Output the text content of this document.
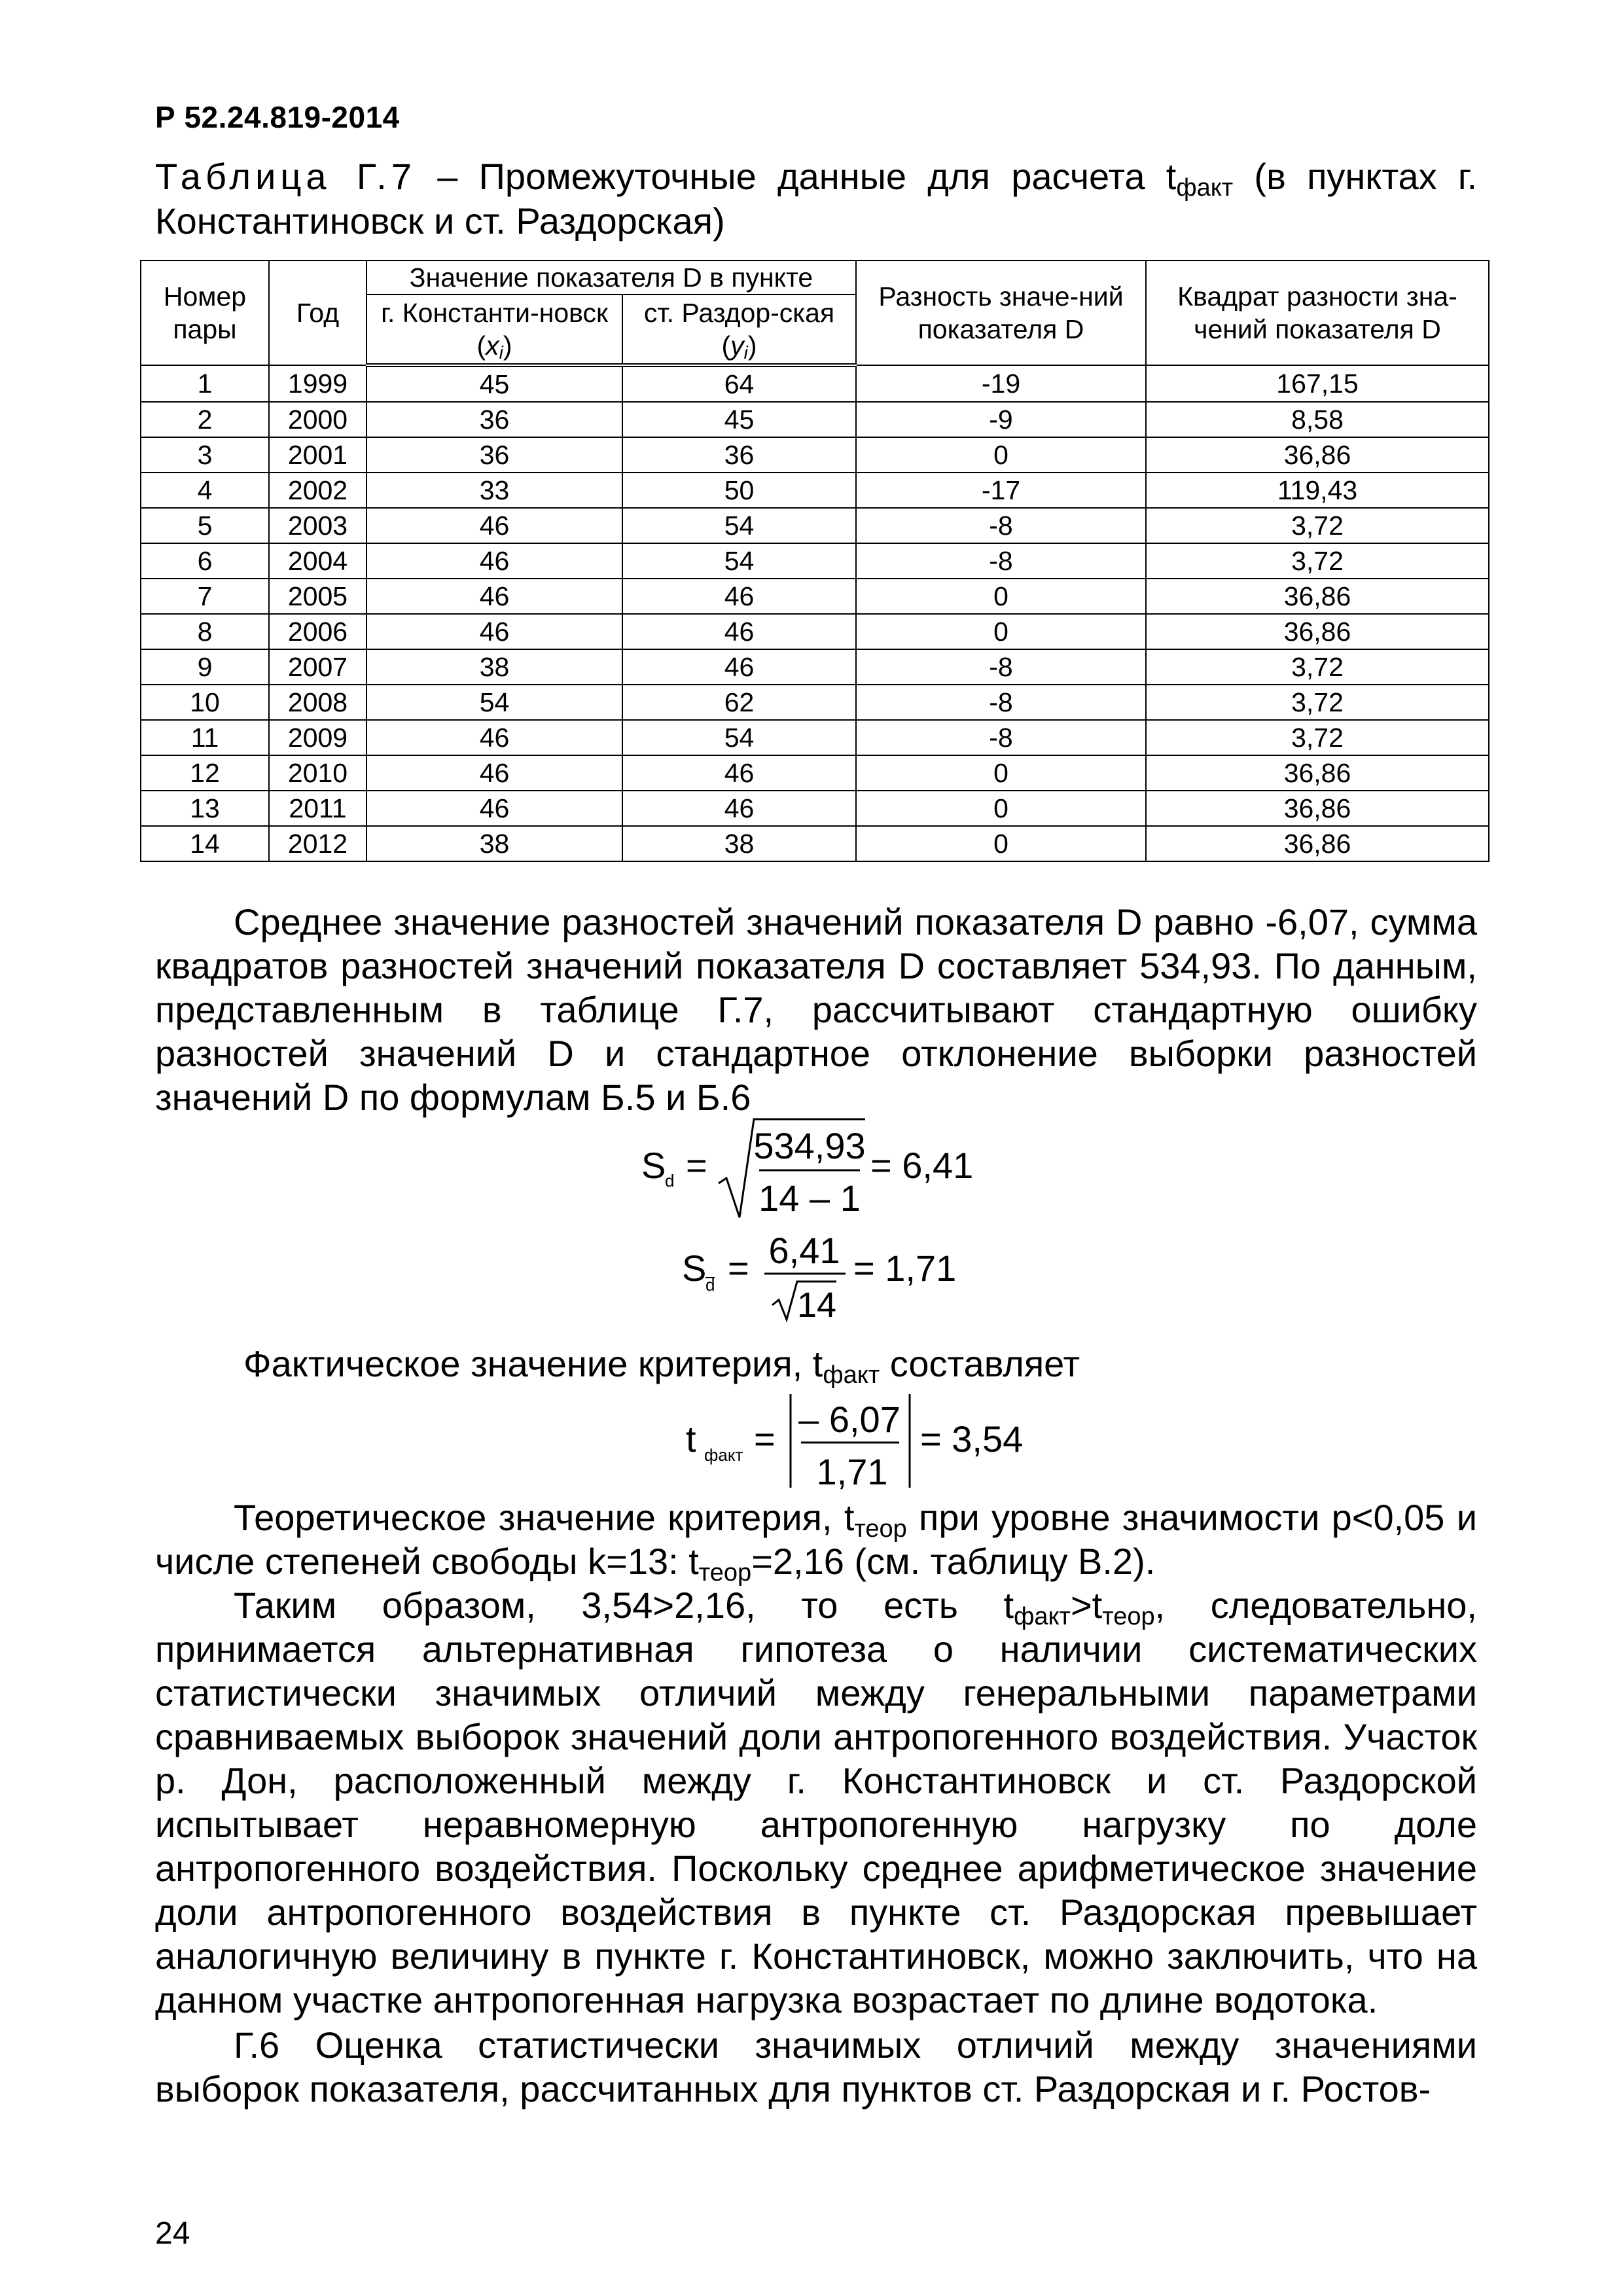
Р 52.24.819-2014
Таблица Г.7 – Промежуточные данные для расчета $t_{факт}$ (в пунктах г. Константиновск и ст. Раздорская)
Номер пары	Год	Значение показателя D в пункте		Разность значе-ний показателя D	Квадрат разности зна-чений показателя D
		г. Константи-новск $(x_i)$	ст. Раздор-ская $(y_i)$		
1	1999	45	64	-19	167,15
2	2000	36	45	-9	8,58
3	2001	36	36	0	36,86
4	2002	33	50	-17	119,43
5	2003	46	54	-8	3,72
6	2004	46	54	-8	3,72
7	2005	46	46	0	36,86
8	2006	46	46	0	36,86
9	2007	38	46	-8	3,72
10	2008	54	62	-8	3,72
11	2009	46	54	-8	3,72
12	2010	46	46	0	36,86
13	2011	46	46	0	36,86
14	2012	38	38	0	36,86
Среднее значение разностей значений показателя D равно -6,07, сумма квадратов разностей значений показателя D составляет 534,93. По данным, представленным в таблице Г.7, рассчитывают стандартную ошибку разностей значений D и стандартное отклонение выборки разностей значений D по формулам Б.5 и Б.6
S
d = 534,93
14 – 1
= 6,41
S
d = 6,41
14
= 1,71
Фактическое значение критерия, $t_{факт}$ составляет
t факт = – 6,07
1,71
= 3,54
Теоретическое значение критерия, $t_{теор}$ при уровне значимости p<0,05 и числе степеней свободы k=13: $t_{теор}=2,16$ (см. таблицу В.2).
Таким образом, 3,54>2,16, то есть $t_{факт}>t_{теор}$, следовательно, принимается альтернативная гипотеза о наличии систематических статистически значимых отличий между генеральными параметрами сравниваемых выборок значений доли антропогенного воздействия. Участок р. Дон, расположенный между г. Константиновск и ст. Раздорской испытывает неравномерную антропогенную нагрузку по доле антропогенного воздействия. Поскольку среднее арифметическое значение доли антропогенного воздействия в пункте ст. Раздорская превышает аналогичную величину в пункте г. Константиновск, можно заключить, что на данном участке антропогенная нагрузка возрастает по длине водотока.
Г.6 Оценка статистически значимых отличий между значениями выборок показателя, рассчитанных для пунктов ст. Раздорская и г. Ростов-
24
